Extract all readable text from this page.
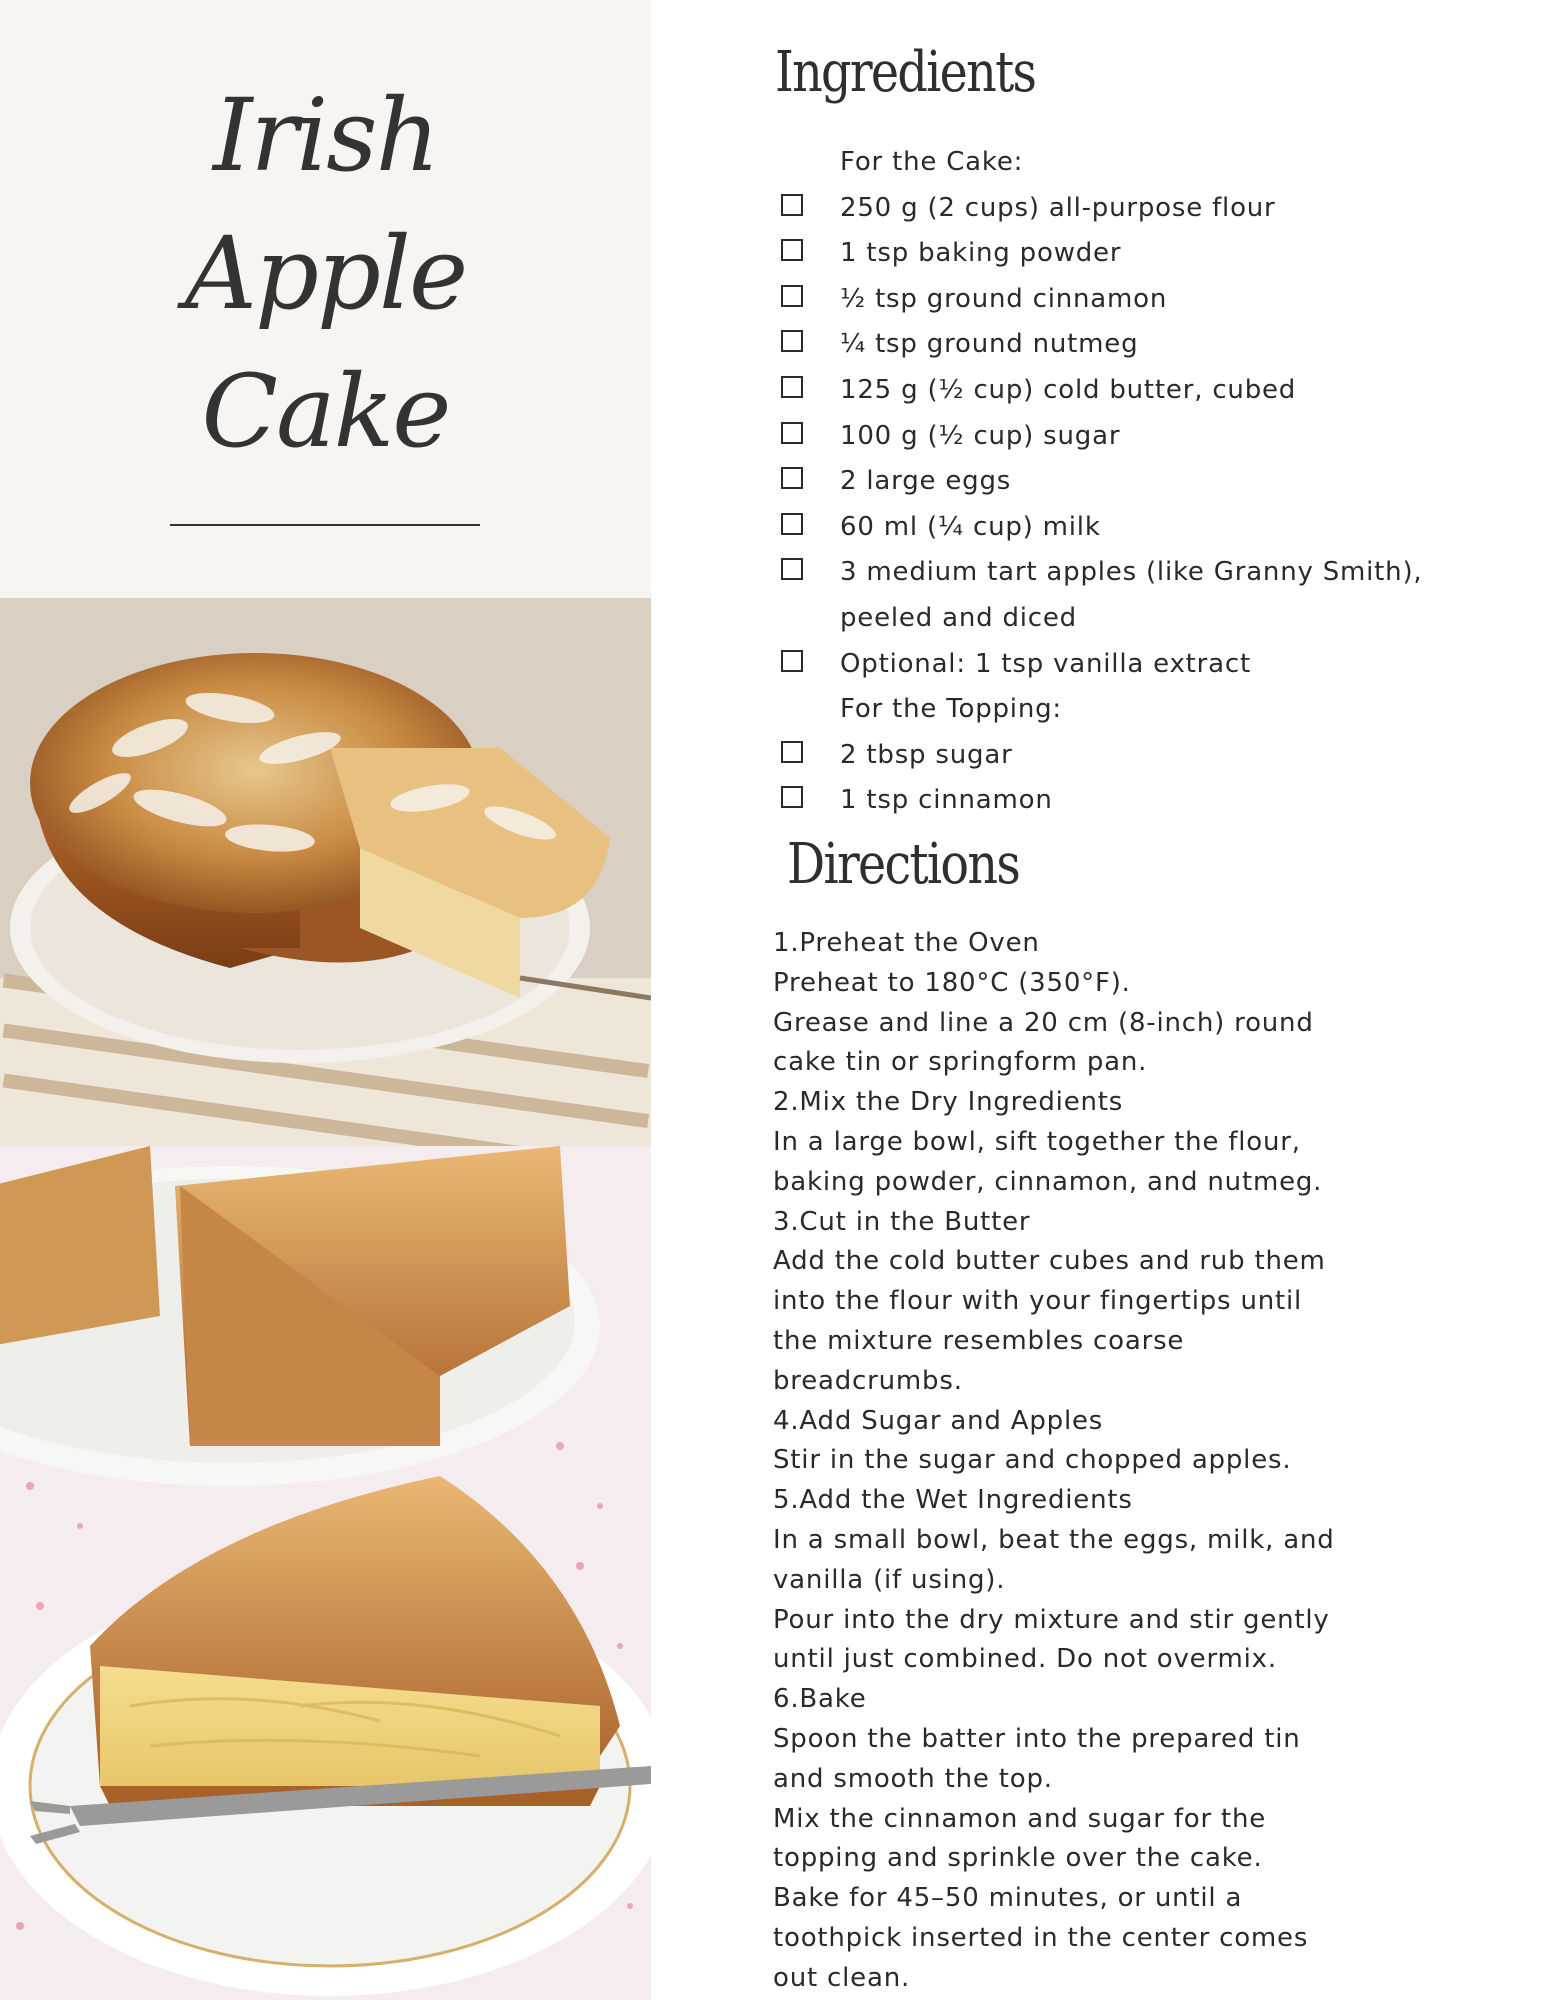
Irish
Apple
Cake
Ingredients
For the Cake:
250 g (2 cups) all-purpose flour
1 tsp baking powder
½ tsp ground cinnamon
¼ tsp ground nutmeg
125 g (½ cup) cold butter, cubed
100 g (½ cup) sugar
2 large eggs
60 ml (¼ cup) milk
3 medium tart apples (like Granny Smith),
peeled and diced
Optional: 1 tsp vanilla extract
For the Topping:
2 tbsp sugar
1 tsp cinnamon
Directions
1.Preheat the Oven
Preheat to 180°C (350°F).
Grease and line a 20 cm (8-inch) round
cake tin or springform pan.
2.Mix the Dry Ingredients
In a large bowl, sift together the flour,
baking powder, cinnamon, and nutmeg.
3.Cut in the Butter
Add the cold butter cubes and rub them
into the flour with your fingertips until
the mixture resembles coarse
breadcrumbs.
4.Add Sugar and Apples
Stir in the sugar and chopped apples.
5.Add the Wet Ingredients
In a small bowl, beat the eggs, milk, and
vanilla (if using).
Pour into the dry mixture and stir gently
until just combined. Do not overmix.
6.Bake
Spoon the batter into the prepared tin
and smooth the top.
Mix the cinnamon and sugar for the
topping and sprinkle over the cake.
Bake for 45–50 minutes, or until a
toothpick inserted in the center comes
out clean.
